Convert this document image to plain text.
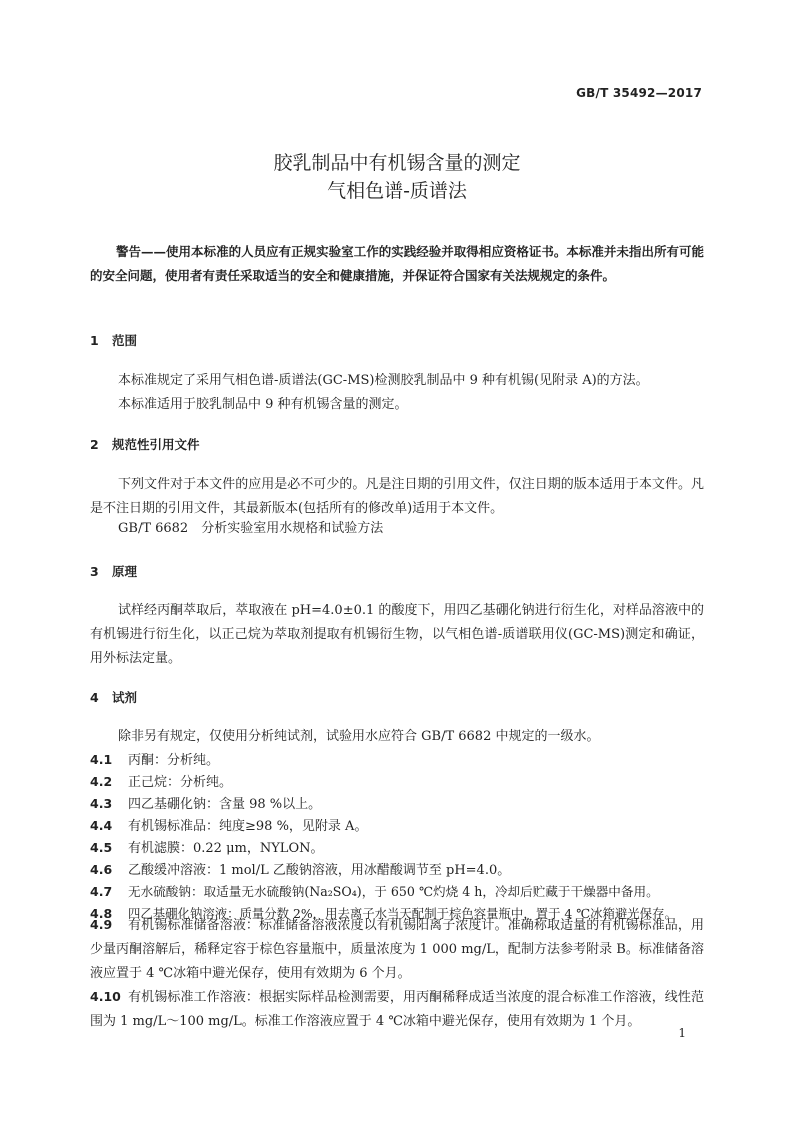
GB/T 35492—2017
胶乳制品中有机锡含量的测定
气相色谱-质谱法
警告——使用本标准的人员应有正规实验室工作的实践经验并取得相应资格证书。本标准并未指出所有可能的安全问题，使用者有责任采取适当的安全和健康措施，并保证符合国家有关法规规定的条件。
1 范围
本标准规定了采用气相色谱-质谱法(GC-MS)检测胶乳制品中 9 种有机锡(见附录 A)的方法。
本标准适用于胶乳制品中 9 种有机锡含量的测定。
2 规范性引用文件
下列文件对于本文件的应用是必不可少的。凡是注日期的引用文件，仅注日期的版本适用于本文件。凡是不注日期的引用文件，其最新版本(包括所有的修改单)适用于本文件。
GB/T 6682　分析实验室用水规格和试验方法
3 原理
试样经丙酮萃取后，萃取液在 pH=4.0±0.1 的酸度下，用四乙基硼化钠进行衍生化，对样品溶液中的有机锡进行衍生化，以正己烷为萃取剂提取有机锡衍生物，以气相色谱-质谱联用仪(GC-MS)测定和确证，用外标法定量。
4 试剂
除非另有规定，仅使用分析纯试剂，试验用水应符合 GB/T 6682 中规定的一级水。
4.1 丙酮：分析纯。
4.2 正己烷：分析纯。
4.3 四乙基硼化钠：含量 98 %以上。
4.4 有机锡标准品：纯度≥98 %，见附录 A。
4.5 有机滤膜：0.22 μm，NYLON。
4.6 乙酸缓冲溶液：1 mol/L 乙酸钠溶液，用冰醋酸调节至 pH=4.0。
4.7 无水硫酸钠：取适量无水硫酸钠(Na₂SO₄)，于 650 ℃灼烧 4 h，冷却后贮藏于干燥器中备用。
4.8 四乙基硼化钠溶液：质量分数 2%，用去离子水当天配制于棕色容量瓶中，置于 4 ℃冰箱避光保存。
4.9 有机锡标准储备溶液：标准储备溶液浓度以有机锡阳离子浓度计。准确称取适量的有机锡标准品，用少量丙酮溶解后，稀释定容于棕色容量瓶中，质量浓度为 1 000 mg/L，配制方法参考附录 B。标准储备溶液应置于 4 ℃冰箱中避光保存，使用有效期为 6 个月。
4.10 有机锡标准工作溶液：根据实际样品检测需要，用丙酮稀释成适当浓度的混合标准工作溶液，线性范围为 1 mg/L～100 mg/L。标准工作溶液应置于 4 ℃冰箱中避光保存，使用有效期为 1 个月。
1
